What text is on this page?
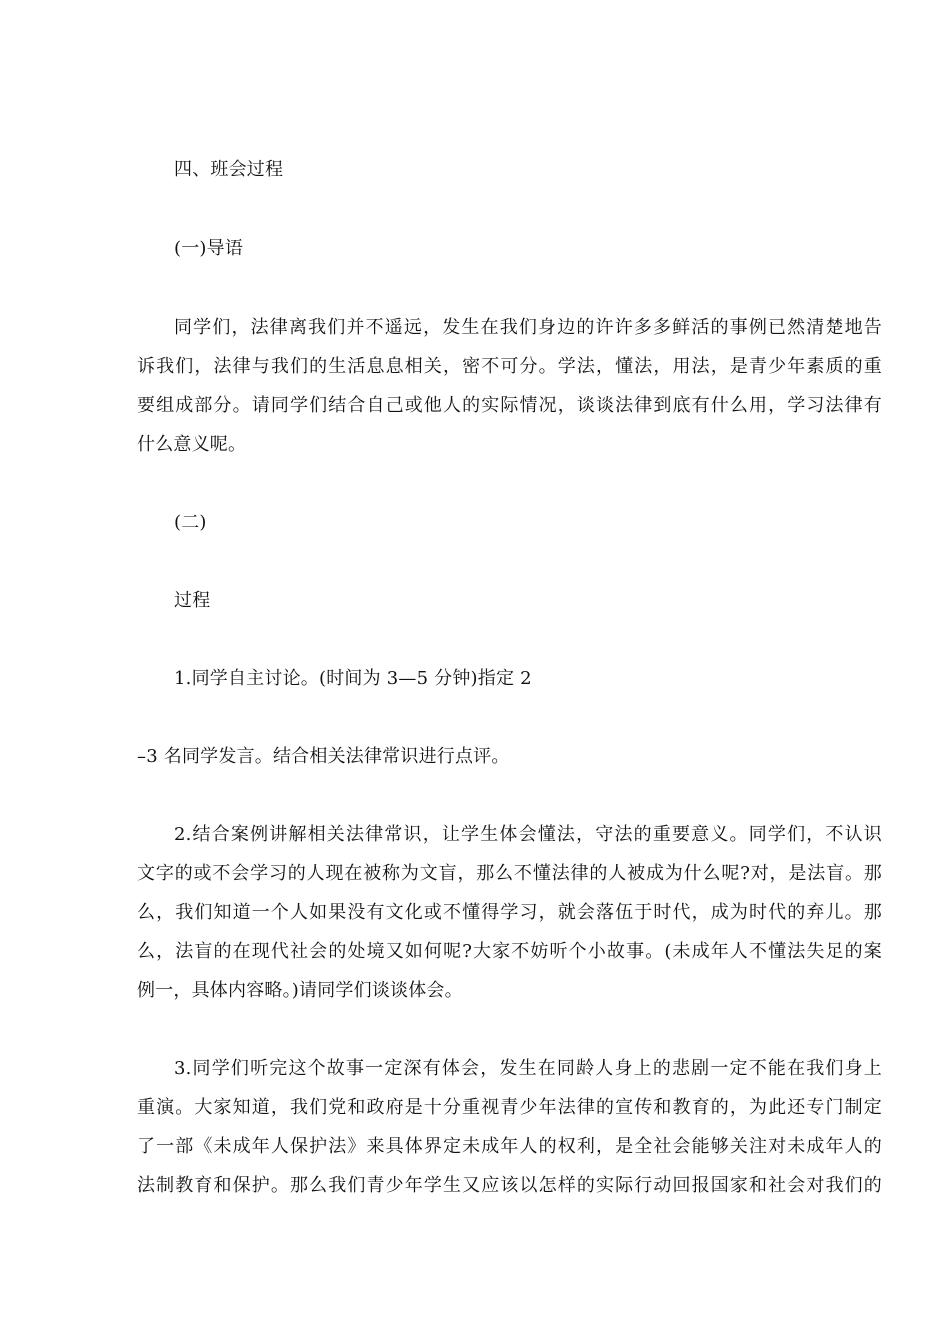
四、班会过程
(一)导语
同学们，法律离我们并不遥远，发生在我们身边的许许多多鲜活的事例已然清楚地告
诉我们，法律与我们的生活息息相关，密不可分。学法，懂法，用法，是青少年素质的重
要组成部分。请同学们结合自己或他人的实际情况，谈谈法律到底有什么用，学习法律有
什么意义呢。
(二)
过程
1.同学自主讨论。(时间为 3—5 分钟)指定 2
–3 名同学发言。结合相关法律常识进行点评。
2.结合案例讲解相关法律常识，让学生体会懂法，守法的重要意义。同学们，不认识
文字的或不会学习的人现在被称为文盲，那么不懂法律的人被成为什么呢?对，是法盲。那
么，我们知道一个人如果没有文化或不懂得学习，就会落伍于时代，成为时代的弃儿。那
么，法盲的在现代社会的处境又如何呢?大家不妨听个小故事。(未成年人不懂法失足的案
例一，具体内容略。)请同学们谈谈体会。
3.同学们听完这个故事一定深有体会，发生在同龄人身上的悲剧一定不能在我们身上
重演。大家知道，我们党和政府是十分重视青少年法律的宣传和教育的，为此还专门制定
了一部《未成年人保护法》来具体界定未成年人的权利，是全社会能够关注对未成年人的
法制教育和保护。那么我们青少年学生又应该以怎样的实际行动回报国家和社会对我们的
